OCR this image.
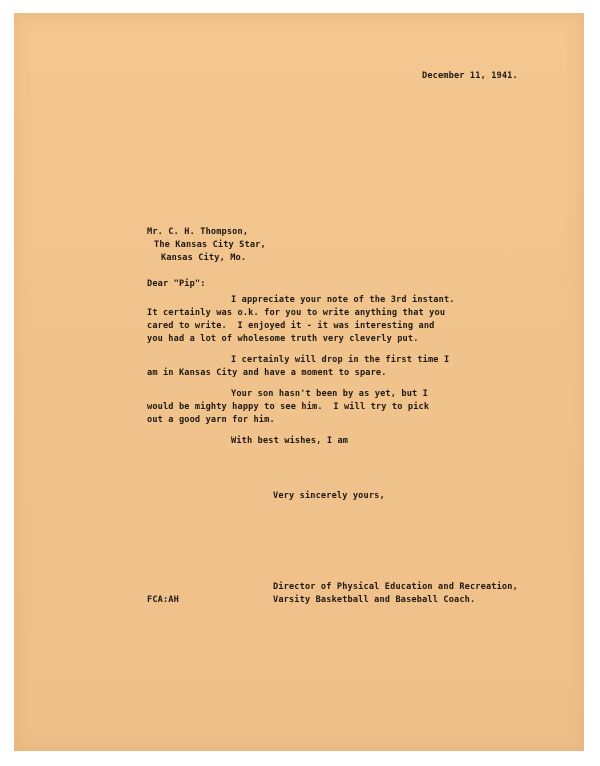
December 11, 1941.
Mr. C. H. Thompson,
The Kansas City Star,
Kansas City, Mo.
Dear "Pip":
I appreciate your note of the 3rd instant.
It certainly was o.k. for you to write anything that you
cared to write.  I enjoyed it - it was interesting and
you had a lot of wholesome truth very cleverly put.
I certainly will drop in the first time I
am in Kansas City and have a moment to spare.
Your son hasn't been by as yet, but I
would be mighty happy to see him.  I will try to pick
out a good yarn for him.
With best wishes, I am
Very sincerely yours,
FCA:AH
Director of Physical Education and Recreation,
Varsity Basketball and Baseball Coach.
